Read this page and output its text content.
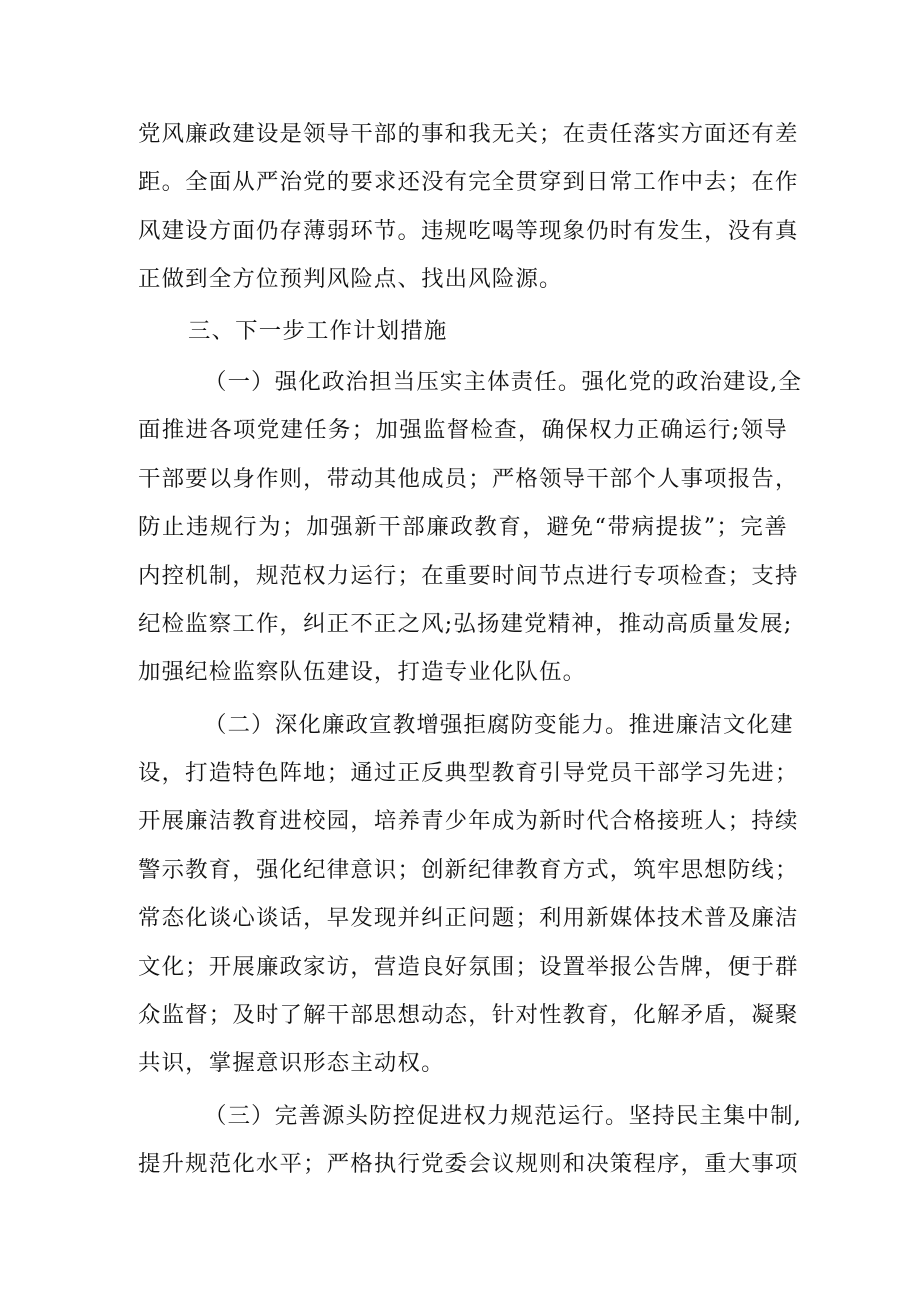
党风廉政建设是领导干部的事和我无关；在责任落实方面还有差
距。全面从严治党的要求还没有完全贯穿到日常工作中去；在作
风建设方面仍存薄弱环节。违规吃喝等现象仍时有发生，没有真
正做到全方位预判风险点、找出风险源。
三、下一步工作计划措施
（一）强化政治担当压实主体责任。强化党的政治建设,全
面推进各项党建任务；加强监督检查，确保权力正确运行;领导
干部要以身作则，带动其他成员；严格领导干部个人事项报告，
防止违规行为；加强新干部廉政教育，避免“带病提拔”；完善
内控机制，规范权力运行；在重要时间节点进行专项检查；支持
纪检监察工作，纠正不正之风;弘扬建党精神，推动高质量发展;
加强纪检监察队伍建设，打造专业化队伍。
（二）深化廉政宣教增强拒腐防变能力。推进廉洁文化建
设，打造特色阵地；通过正反典型教育引导党员干部学习先进；
开展廉洁教育进校园，培养青少年成为新时代合格接班人；持续
警示教育，强化纪律意识；创新纪律教育方式，筑牢思想防线；
常态化谈心谈话，早发现并纠正问题；利用新媒体技术普及廉洁
文化；开展廉政家访，营造良好氛围；设置举报公告牌，便于群
众监督；及时了解干部思想动态，针对性教育，化解矛盾，凝聚
共识，掌握意识形态主动权。
（三）完善源头防控促进权力规范运行。坚持民主集中制,
提升规范化水平；严格执行党委会议规则和决策程序，重大事项
